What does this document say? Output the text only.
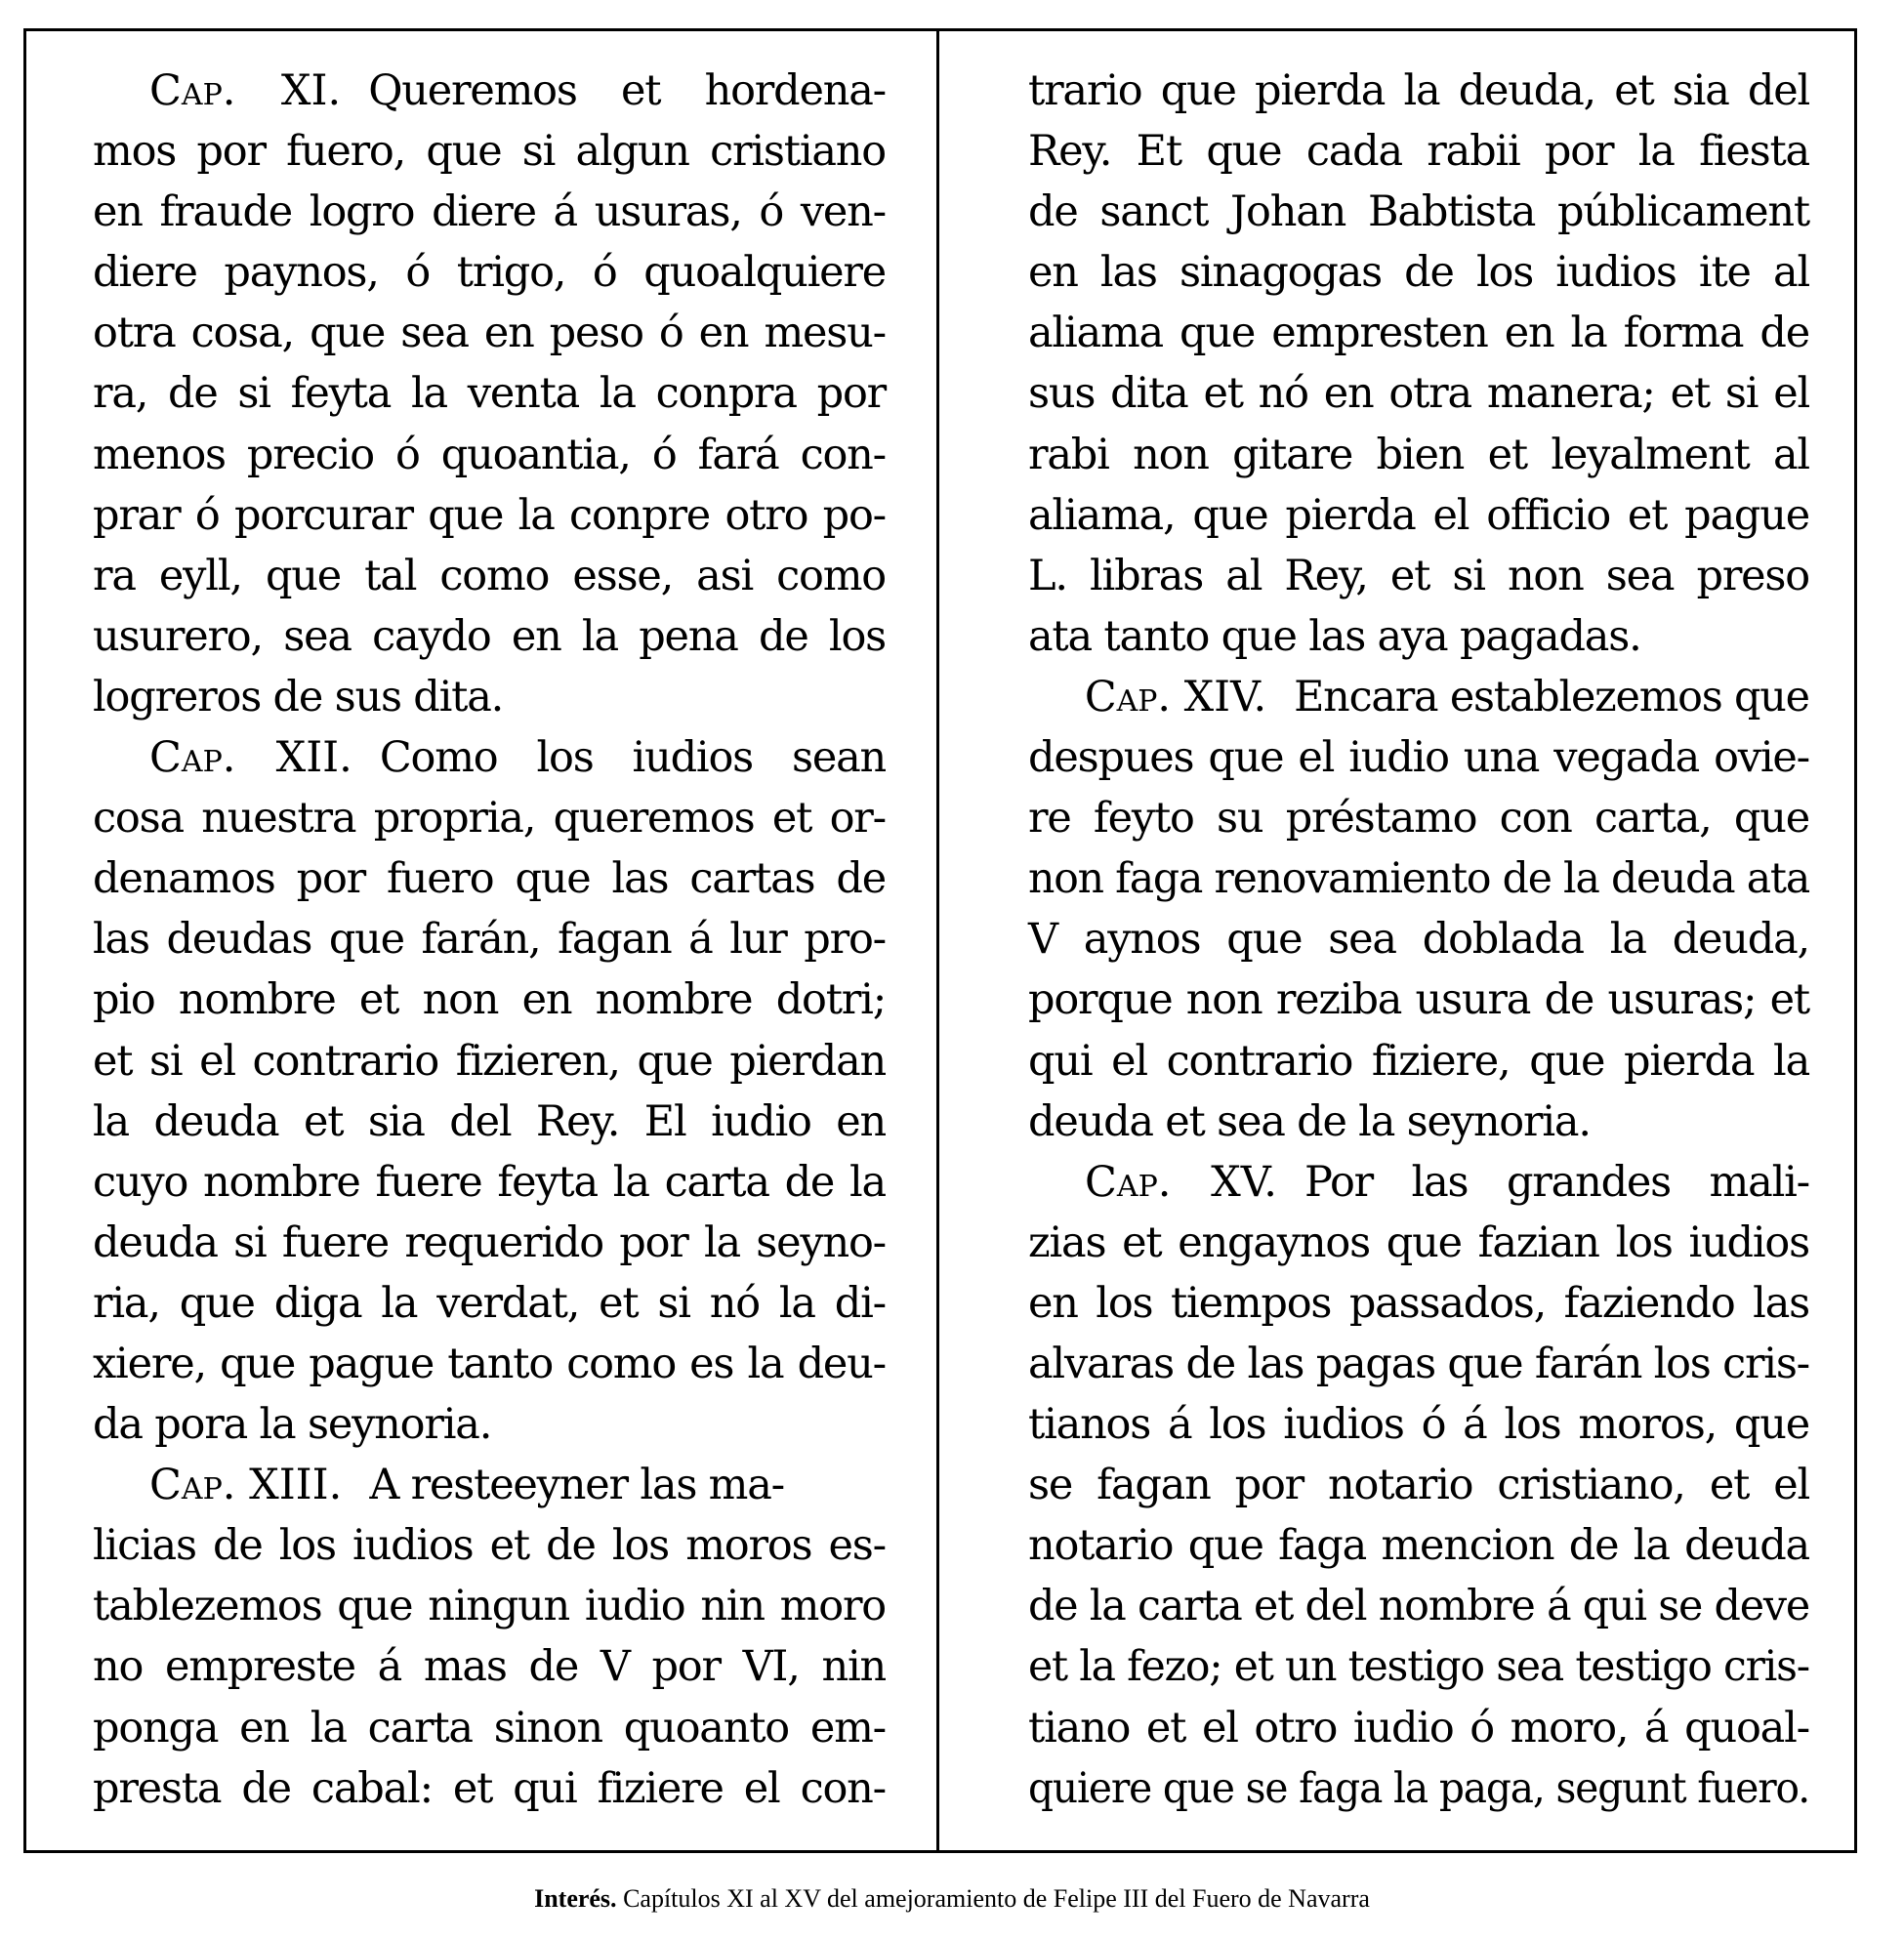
Cap. XI. Queremos et hordena-
mos por fuero, que si algun cristiano
en fraude logro diere á usuras, ó ven-
diere paynos, ó trigo, ó quoalquiere
otra cosa, que sea en peso ó en mesu-
ra, de si feyta la venta la conpra por
menos precio ó quoantia, ó fará con-
prar ó porcurar que la conpre otro po-
ra eyll, que tal como esse, asi como
usurero, sea caydo en la pena de los
logreros de sus dita.
Cap. XII. Como los iudios sean
cosa nuestra propria, queremos et or-
denamos por fuero que las cartas de
las deudas que farán, fagan á lur pro-
pio nombre et non en nombre dotri;
et si el contrario fizieren, que pierdan
la deuda et sia del Rey. El iudio en
cuyo nombre fuere feyta la carta de la
deuda si fuere requerido por la seyno-
ria, que diga la verdat, et si nó la di-
xiere, que pague tanto como es la deu-
da pora la seynoria.
Cap. XIII. A resteeyner las ma-
licias de los iudios et de los moros es-
tablezemos que ningun iudio nin moro
no empreste á mas de V por VI, nin
ponga en la carta sinon quoanto em-
presta de cabal: et qui fiziere el con-
trario que pierda la deuda, et sia del
Rey. Et que cada rabii por la fiesta
de sanct Johan Babtista públicament
en las sinagogas de los iudios ite al
aliama que empresten en la forma de
sus dita et nó en otra manera; et si el
rabi non gitare bien et leyalment al
aliama, que pierda el officio et pague
L. libras al Rey, et si non sea preso
ata tanto que las aya pagadas.
Cap. XIV. Encara establezemos que
despues que el iudio una vegada ovie-
re feyto su préstamo con carta, que
non faga renovamiento de la deuda ata
V aynos que sea doblada la deuda,
porque non reziba usura de usuras; et
qui el contrario fiziere, que pierda la
deuda et sea de la seynoria.
Cap. XV. Por las grandes mali-
zias et engaynos que fazian los iudios
en los tiempos passados, faziendo las
alvaras de las pagas que farán los cris-
tianos á los iudios ó á los moros, que
se fagan por notario cristiano, et el
notario que faga mencion de la deuda
de la carta et del nombre á qui se deve
et la fezo; et un testigo sea testigo cris-
tiano et el otro iudio ó moro, á quoal-
quiere que se faga la paga, segunt fuero.
Interés. Capítulos XI al XV del amejoramiento de Felipe III del Fuero de Navarra
